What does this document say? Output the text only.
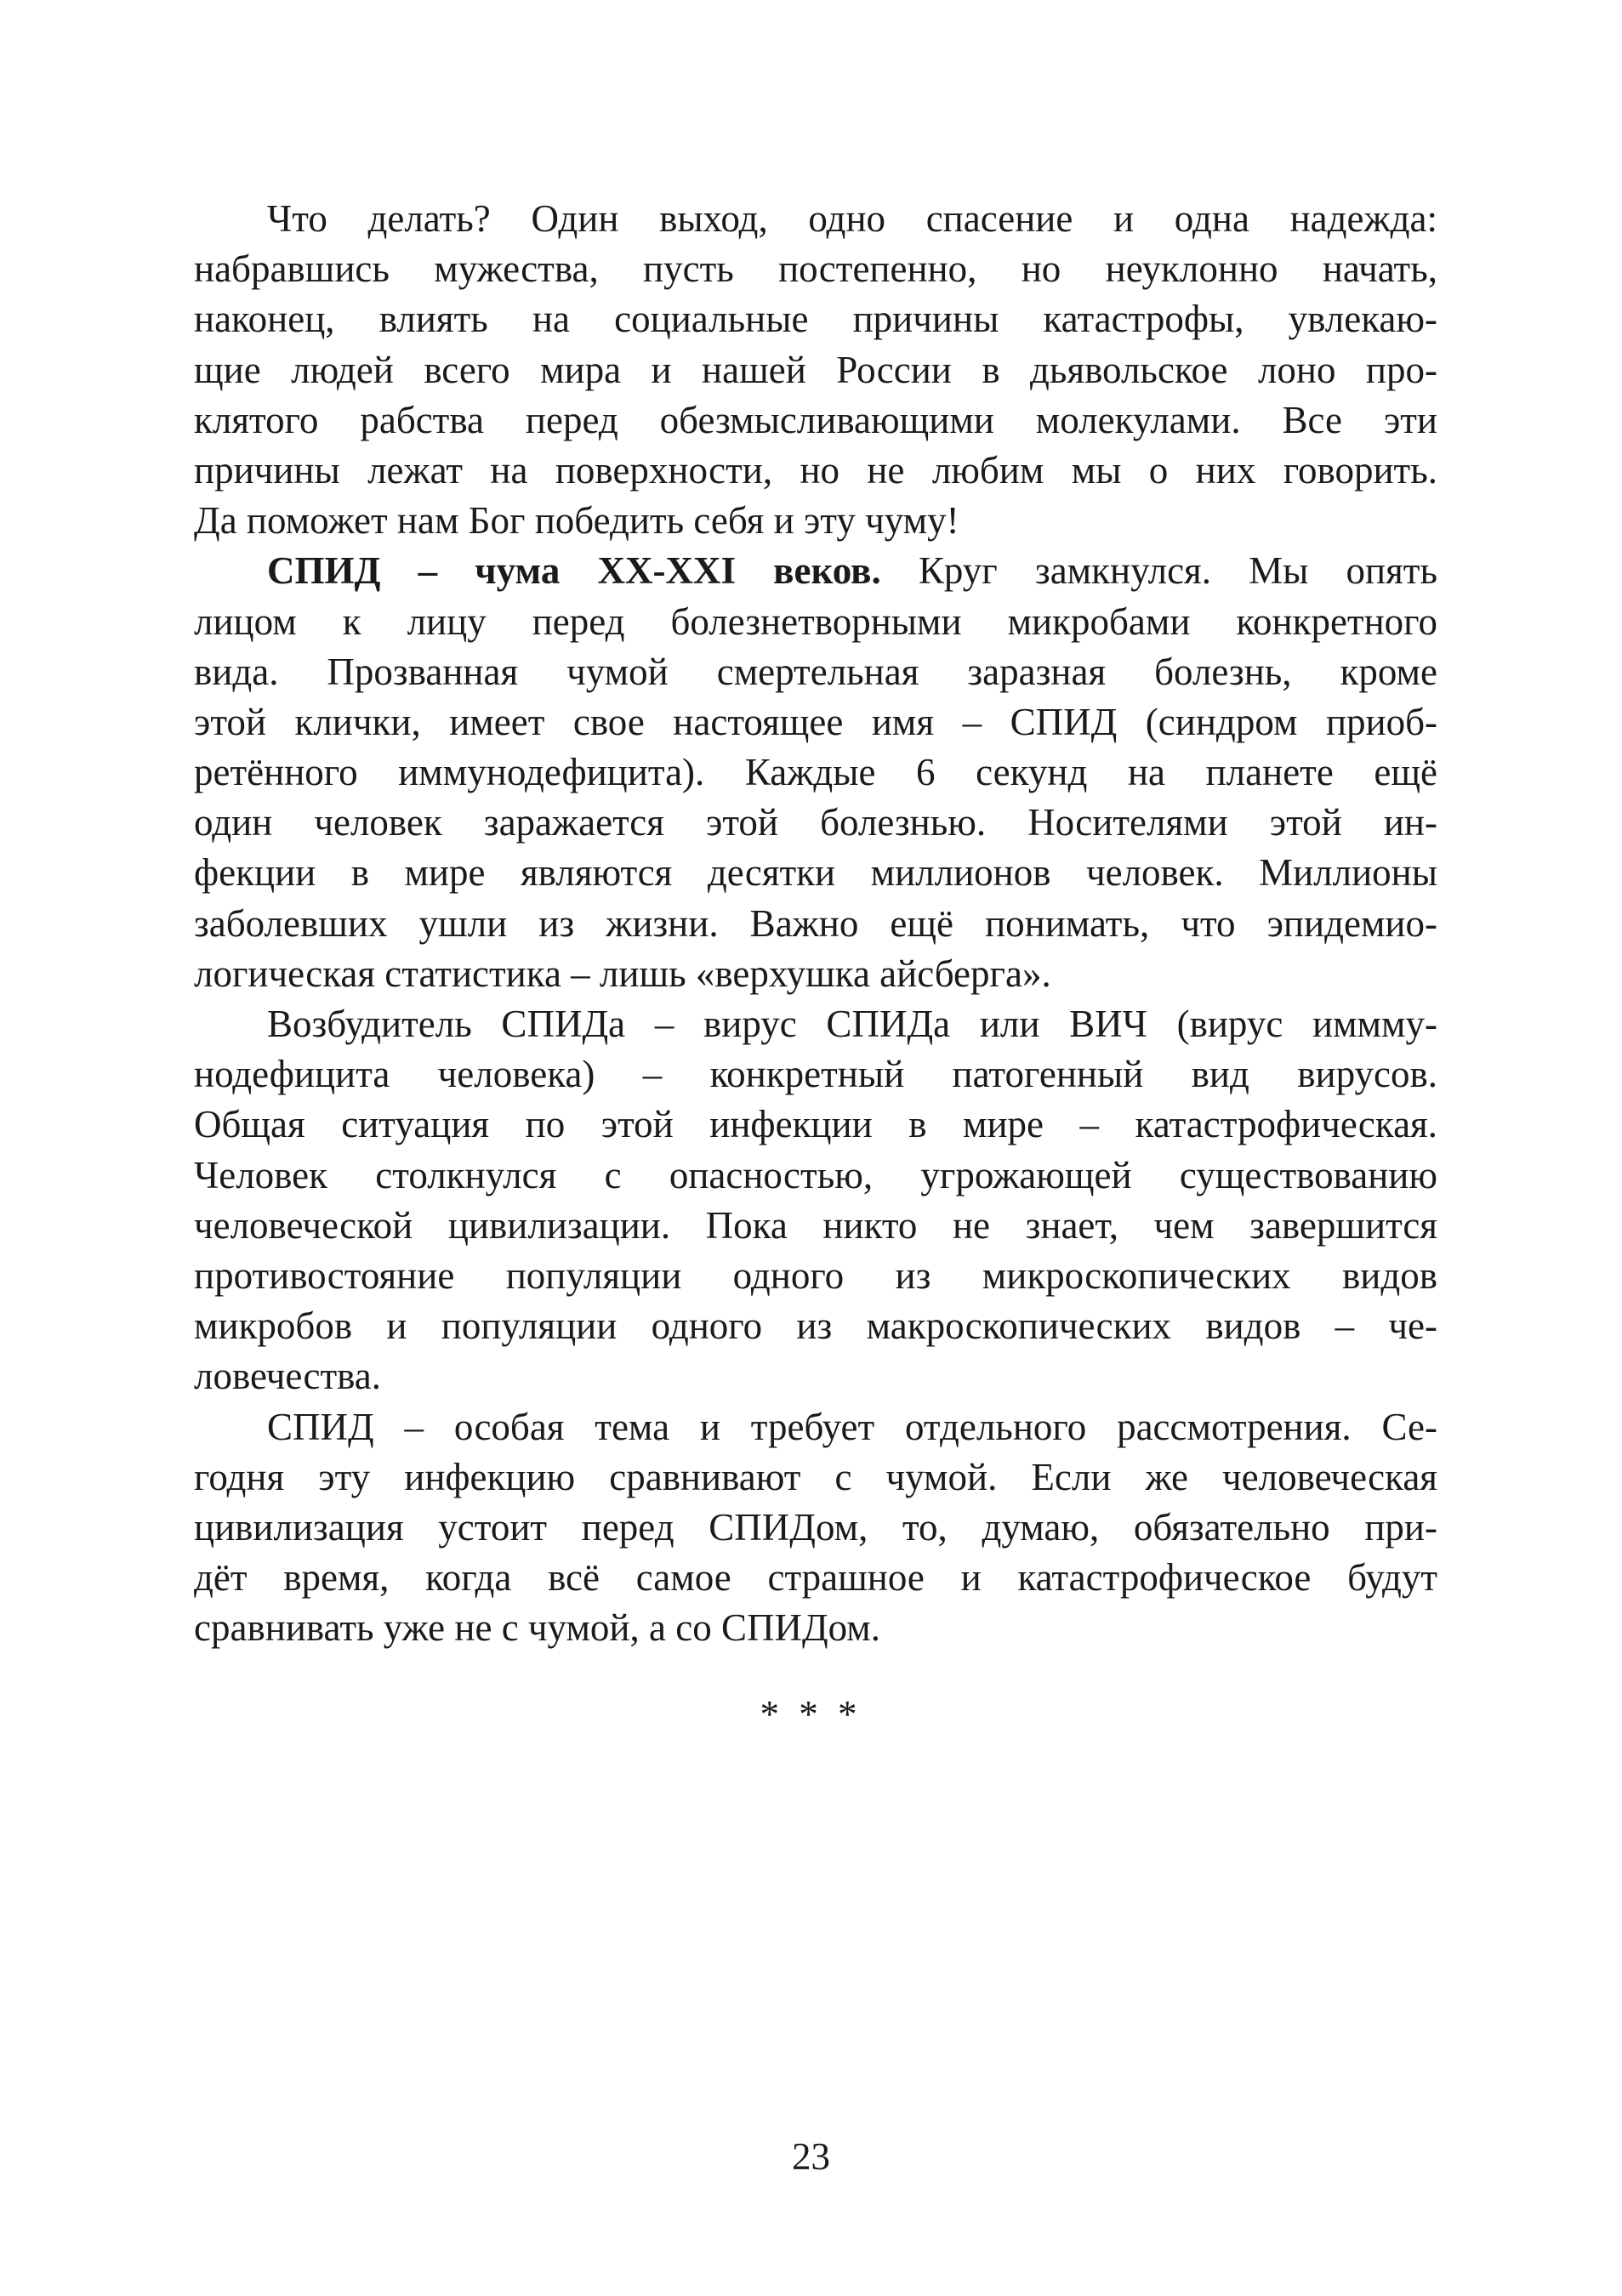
Что делать? Один выход, одно спасение и одна надежда:
набравшись мужества, пусть постепенно, но неуклонно начать,
наконец, влиять на социальные причины катастрофы, увлекаю-
щие людей всего мира и нашей России в дьявольское лоно про-
клятого рабства перед обезмысливающими молекулами. Все эти
причины лежат на поверхности, но не любим мы о них говорить.
Да поможет нам Бог победить себя и эту чуму!
СПИД – чума XX-XXI веков. Круг замкнулся. Мы опять
лицом к лицу перед болезнетворными микробами конкретного
вида. Прозванная чумой смертельная заразная болезнь, кроме
этой клички, имеет свое настоящее имя – СПИД (синдром приоб-
ретённого иммунодефицита). Каждые 6 секунд на планете ещё
один человек заражается этой болезнью. Носителями этой ин-
фекции в мире являются десятки миллионов человек. Миллионы
заболевших ушли из жизни. Важно ещё понимать, что эпидемио-
логическая статистика – лишь «верхушка айсберга».
Возбудитель СПИДа – вирус СПИДа или ВИЧ (вирус иммму-
нодефицита человека) – конкретный патогенный вид вирусов.
Общая ситуация по этой инфекции в мире – катастрофическая.
Человек столкнулся с опасностью, угрожающей существованию
человеческой цивилизации. Пока никто не знает, чем завершится
противостояние популяции одного из микроскопических видов
микробов и популяции одного из макроскопических видов – че-
ловечества.
СПИД – особая тема и требует отдельного рассмотрения. Се-
годня эту инфекцию сравнивают с чумой. Если же человеческая
цивилизация устоит перед СПИДом, то, думаю, обязательно при-
дёт время, когда всё самое страшное и катастрофическое будут
сравнивать уже не с чумой, а со СПИДом.
* * *
23
